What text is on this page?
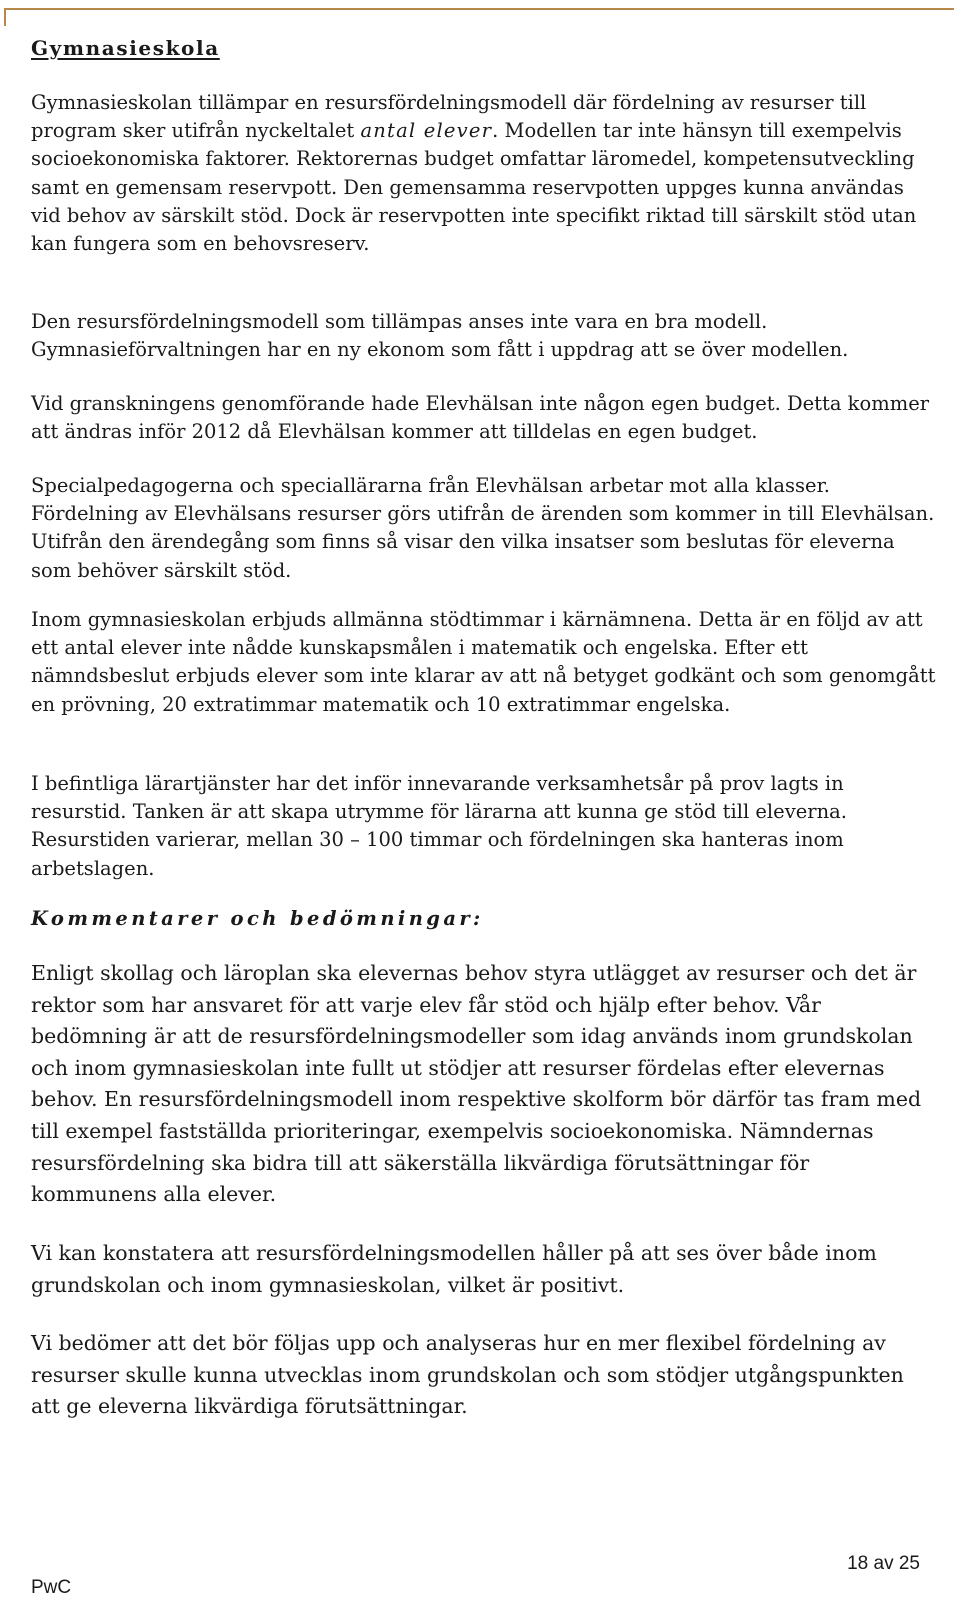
Gymnasieskola

Gymnasieskolan tillämpar en resursfördelningsmodell där fördelning av resurser till program sker utifrån nyckeltalet antal elever. Modellen tar inte hänsyn till exempelvis socioekonomiska faktorer. Rektorernas budget omfattar läromedel, kompetensutveckling samt en gemensam reservpott. Den gemensamma reservpotten uppges kunna användas vid behov av särskilt stöd. Dock är reservpotten inte specifikt riktad till särskilt stöd utan kan fungera som en behovsreserv.

Den resursfördelningsmodell som tillämpas anses inte vara en bra modell. Gymnasieförvaltningen har en ny ekonom som fått i uppdrag att se över modellen.

Vid granskningens genomförande hade Elevhälsan inte någon egen budget. Detta kommer att ändras inför 2012 då Elevhälsan kommer att tilldelas en egen budget.

Specialpedagogerna och speciallärarna från Elevhälsan arbetar mot alla klasser. Fördelning av Elevhälsans resurser görs utifrån de ärenden som kommer in till Elevhälsan. Utifrån den ärendegång som finns så visar den vilka insatser som beslutas för eleverna som behöver särskilt stöd.

Inom gymnasieskolan erbjuds allmänna stödtimmar i kärnämnena. Detta är en följd av att ett antal elever inte nådde kunskapsmålen i matematik och engelska. Efter ett nämndsbeslut erbjuds elever som inte klarar av att nå betyget godkänt och som genomgått en prövning, 20 extratimmar matematik och 10 extratimmar engelska.

I befintliga lärartjänster har det inför innevarande verksamhetsår på prov lagts in resurstid. Tanken är att skapa utrymme för lärarna att kunna ge stöd till eleverna. Resurstiden varierar, mellan 30 – 100 timmar och fördelningen ska hanteras inom arbetslagen.

Kommentarer och bedömningar:

Enligt skollag och läroplan ska elevernas behov styra utlägget av resurser och det är rektor som har ansvaret för att varje elev får stöd och hjälp efter behov. Vår bedömning är att de resursfördelningsmodeller som idag används inom grundskolan och inom gymnasieskolan inte fullt ut stödjer att resurser fördelas efter elevernas behov. En resursfördelningsmodell inom respektive skolform bör därför tas fram med till exempel fastställda prioriteringar, exempelvis socioekonomiska. Nämndernas resursfördelning ska bidra till att säkerställa likvärdiga förutsättningar för kommunens alla elever.

Vi kan konstatera att resursfördelningsmodellen håller på att ses över både inom grundskolan och inom gymnasieskolan, vilket är positivt.

Vi bedömer att det bör följas upp och analyseras hur en mer flexibel fördelning av resurser skulle kunna utvecklas inom grundskolan och som stödjer utgångspunkten att ge eleverna likvärdiga förutsättningar.

18 av 25
PwC
